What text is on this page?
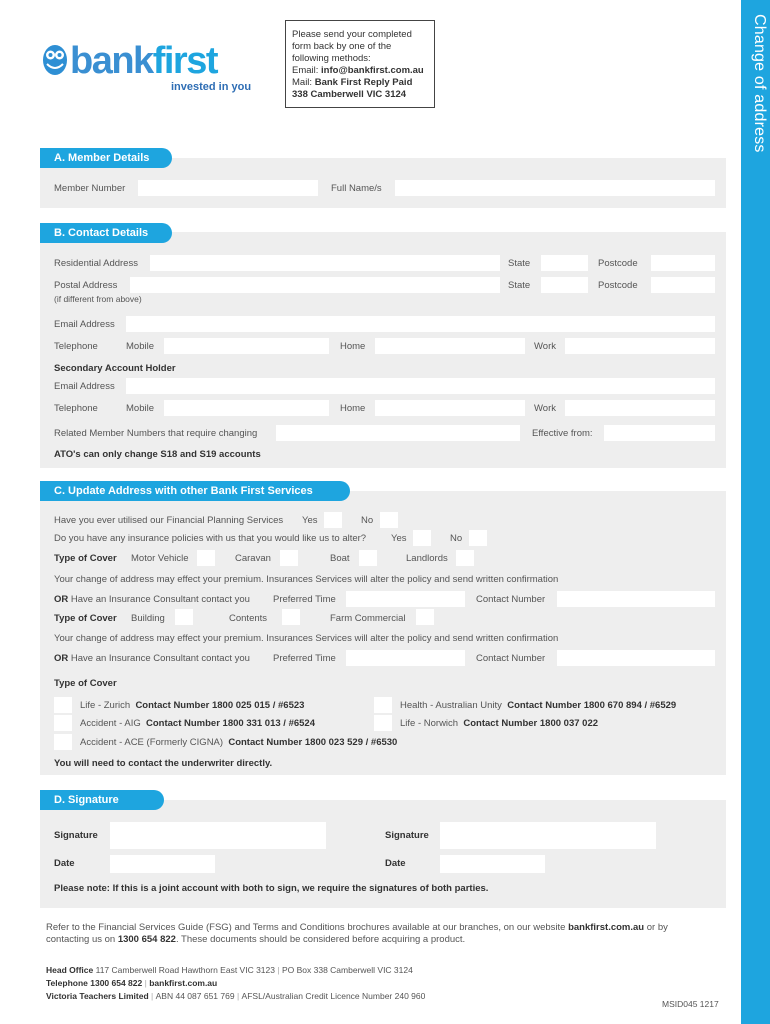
Change of address
bankfirst
invested in you
Please send your completed
form back by one of the
following methods:
Email: info@bankfirst.com.au
Mail: Bank First Reply Paid
338 Camberwell VIC 3124
A. Member Details
Member Number	Full Name/s
B. Contact Details
Residential Address	State	Postcode
Postal Address	State	Postcode
(if different from above)
Email Address
Telephone	Mobile	Home	Work
Secondary Account Holder
Email Address
Telephone	Mobile	Home	Work
Related Member Numbers that require changing	Effective from:
ATO's can only change S18 and S19 accounts
C. Update Address with other Bank First Services
Have you ever utilised our Financial Planning Services Yes	No
Do you have any insurance policies with us that you would like us to alter?	Yes	No
Type of Cover Motor Vehicle	Caravan	Boat	Landlords
Your change of address may effect your premium. Insurances Services will alter the policy and send written confirmation
OR Have an Insurance Consultant contact you Preferred Time	Contact Number
Type of Cover Building	Contents	Farm Commercial
Your change of address may effect your premium. Insurances Services will alter the policy and send written confirmation
OR Have an Insurance Consultant contact you Preferred Time	Contact Number
Type of Cover
Life - Zurich Contact Number 1800 025 015 / #6523	Health - Australian Unity Contact Number 1800 670 894 / #6529
Accident - AIG Contact Number 1800 331 013 / #6524	Life - Norwich Contact Number 1800 037 022
Accident - ACE (Formerly CIGNA) Contact Number 1800 023 529 / #6530
You will need to contact the underwriter directly.
D. Signature
Signature	Signature
Date	Date
Please note: If this is a joint account with both to sign, we require the signatures of both parties.
Refer to the Financial Services Guide (FSG) and Terms and Conditions brochures available at our branches, on our website bankfirst.com.au or by
contacting us on 1300 654 822. These documents should be considered before acquiring a product.
Head Office 117 Camberwell Road Hawthorn East VIC 3123 | PO Box 338 Camberwell VIC 3124
Telephone 1300 654 822 | bankfirst.com.au
Victoria Teachers Limited | ABN 44 087 651 769 | AFSL/Australian Credit Licence Number 240 960
MSID045 1217
